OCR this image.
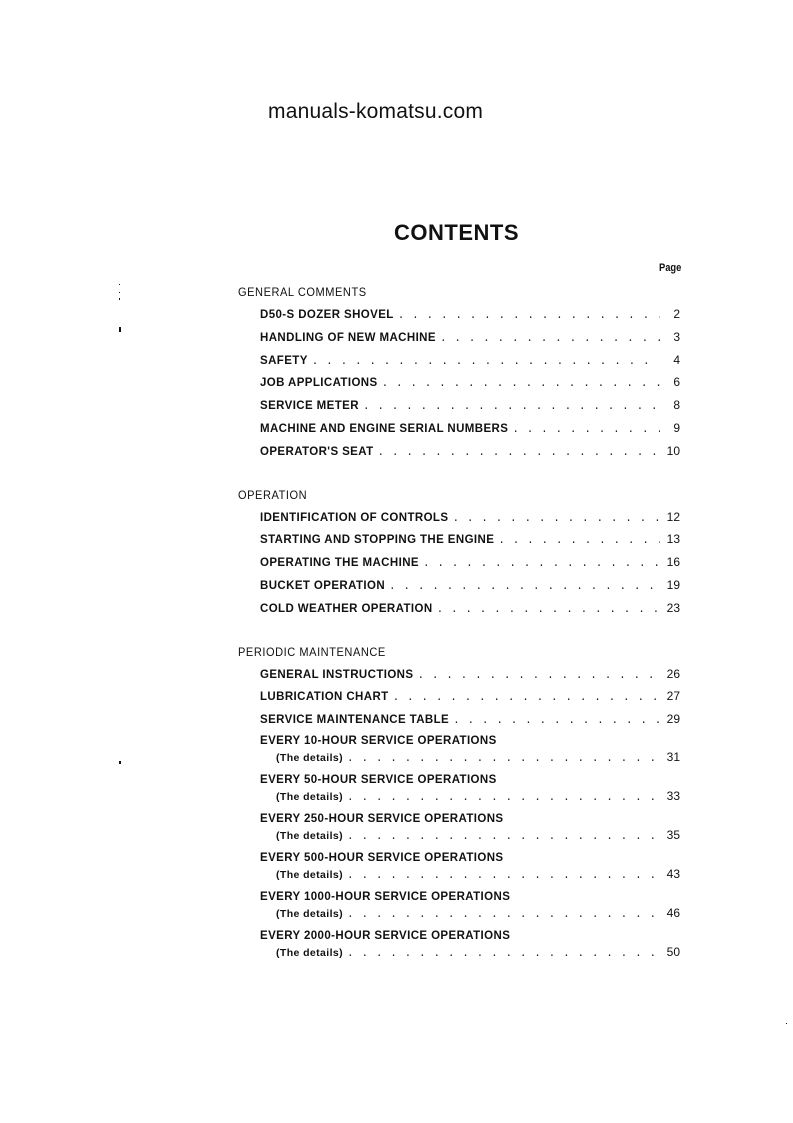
manuals-komatsu.com
CONTENTS
Page
GENERAL COMMENTS
D50-S DOZER SHOVEL . . .	2
HANDLING OF NEW MACHINE . . .	3
SAFETY . . .	4
JOB APPLICATIONS . . .	6
SERVICE METER . . .	8
MACHINE AND ENGINE SERIAL NUMBERS . . .	9
OPERATOR'S SEAT . . .	10
OPERATION
IDENTIFICATION OF CONTROLS . . .	12
STARTING AND STOPPING THE ENGINE . . .	13
OPERATING THE MACHINE . . .	16
BUCKET OPERATION . . .	19
COLD WEATHER OPERATION . . .	23
PERIODIC MAINTENANCE
GENERAL INSTRUCTIONS . . .	26
LUBRICATION CHART . . .	27
SERVICE MAINTENANCE TABLE . . .	29
EVERY 10-HOUR SERVICE OPERATIONS
(The details) . . .	31
EVERY 50-HOUR SERVICE OPERATIONS
(The details) . . .	33
EVERY 250-HOUR SERVICE OPERATIONS
(The details) . . .	35
EVERY 500-HOUR SERVICE OPERATIONS
(The details) . . .	43
EVERY 1000-HOUR SERVICE OPERATIONS
(The details) . . .	46
EVERY 2000-HOUR SERVICE OPERATIONS
(The details) . . .	50
